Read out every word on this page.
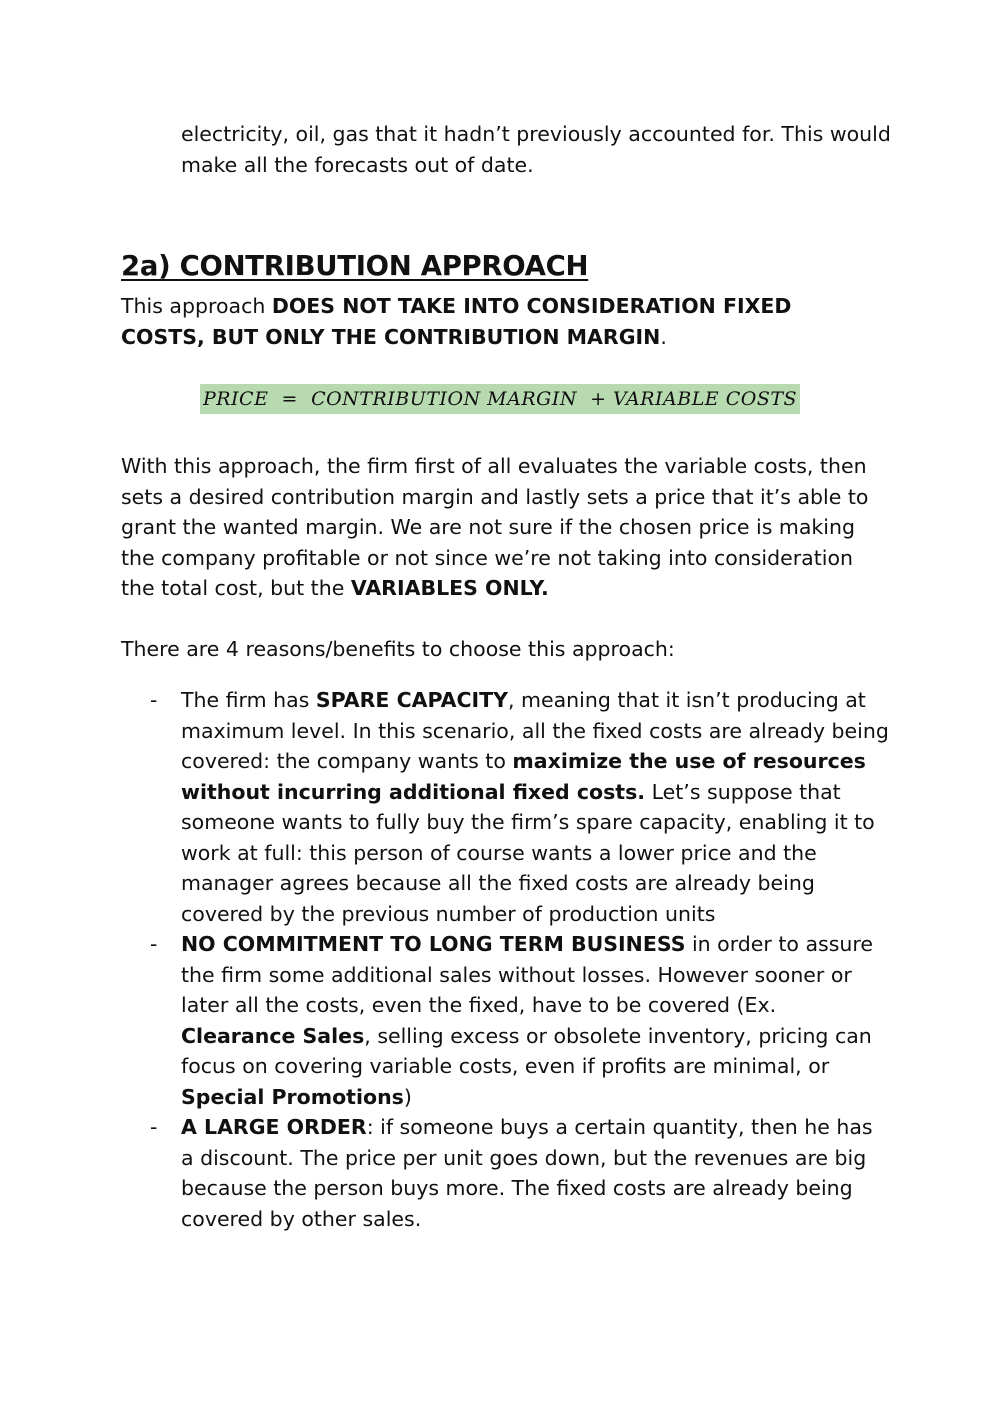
electricity, oil, gas that it hadn’t previously accounted for. This would make all the forecasts out of date.

2a) CONTRIBUTION APPROACH

This approach DOES NOT TAKE INTO CONSIDERATION FIXED COSTS, BUT ONLY THE CONTRIBUTION MARGIN.

PRICE = CONTRIBUTION MARGIN + VARIABLE COSTS

With this approach, the firm first of all evaluates the variable costs, then sets a desired contribution margin and lastly sets a price that it’s able to grant the wanted margin. We are not sure if the chosen price is making the company profitable or not since we’re not taking into consideration the total cost, but the VARIABLES ONLY.

There are 4 reasons/benefits to choose this approach:

- The firm has SPARE CAPACITY, meaning that it isn’t producing at maximum level. In this scenario, all the fixed costs are already being covered: the company wants to maximize the use of resources without incurring additional fixed costs. Let’s suppose that someone wants to fully buy the firm’s spare capacity, enabling it to work at full: this person of course wants a lower price and the manager agrees because all the fixed costs are already being covered by the previous number of production units
- NO COMMITMENT TO LONG TERM BUSINESS in order to assure the firm some additional sales without losses. However sooner or later all the costs, even the fixed, have to be covered (Ex. Clearance Sales, selling excess or obsolete inventory, pricing can focus on covering variable costs, even if profits are minimal, or Special Promotions)
- A LARGE ORDER: if someone buys a certain quantity, then he has a discount. The price per unit goes down, but the revenues are big because the person buys more. The fixed costs are already being covered by other sales.
